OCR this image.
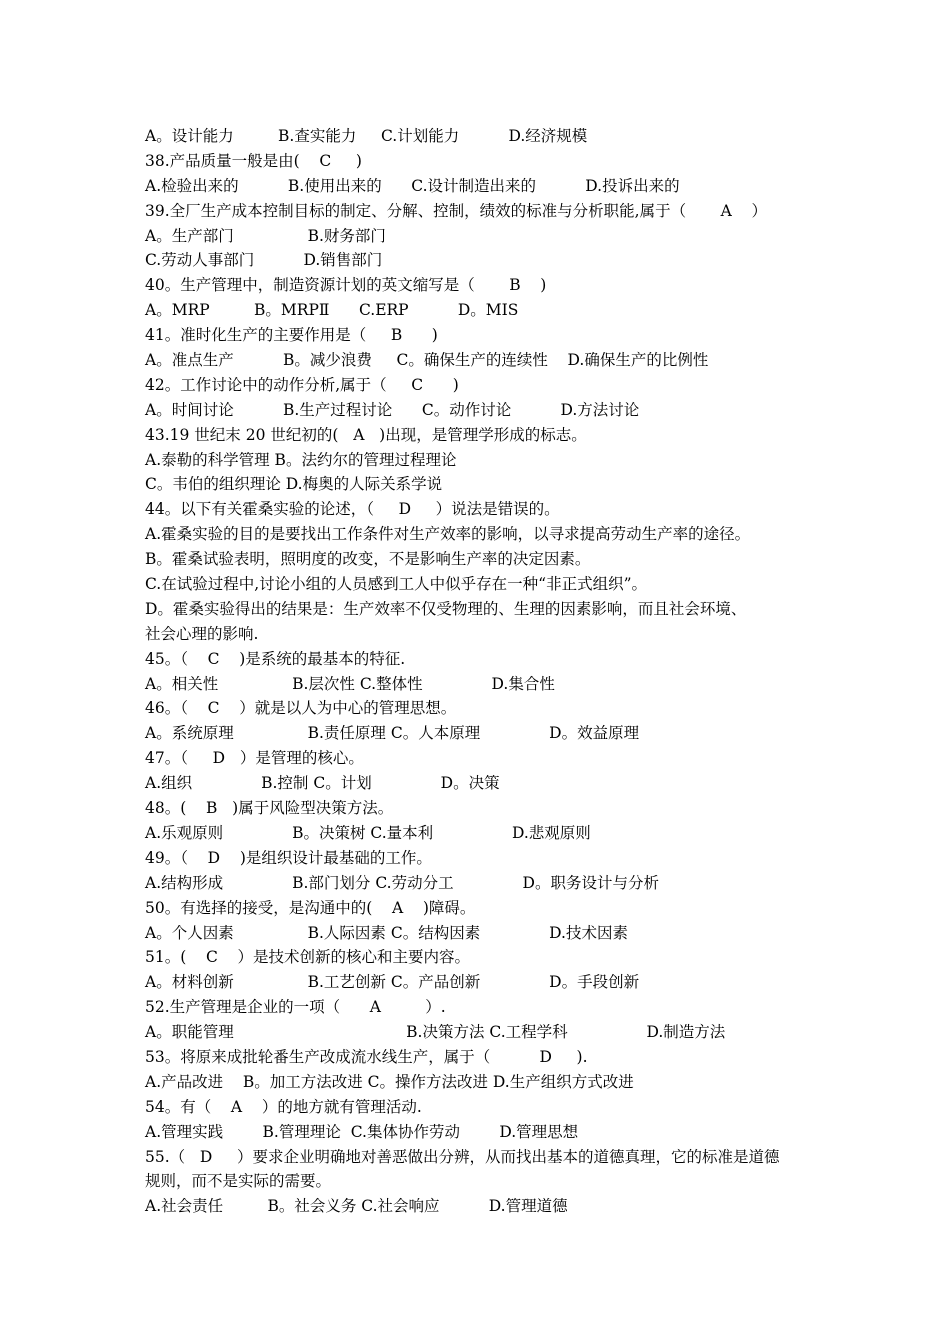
A。设计能力         B.查实能力     C.计划能力          D.经济规模
38.产品质量一般是由(    C     )
A.检验出来的          B.使用出来的      C.设计制造出来的          D.投诉出来的
39.全厂生产成本控制目标的制定、分解、控制，绩效的标准与分析职能,属于（       A    ）
A。生产部门               B.财务部门
C.劳动人事部门          D.销售部门
40。生产管理中，制造资源计划的英文缩写是（       B    )
A。MRP         B。MRPⅡ      C.ERP          D。MIS
41。准时化生产的主要作用是（     B      )
A。准点生产          B。减少浪费     C。确保生产的连续性    D.确保生产的比例性
42。工作讨论中的动作分析,属于（     C      )
A。时间讨论          B.生产过程讨论      C。动作讨论          D.方法讨论
43.19 世纪末 20 世纪初的(   A   )出现，是管理学形成的标志。
A.泰勒的科学管理 B。法约尔的管理过程理论
C。韦伯的组织理论 D.梅奥的人际关系学说
44。以下有关霍桑实验的论述，（     D     ）说法是错误的。
A.霍桑实验的目的是要找出工作条件对生产效率的影响，以寻求提高劳动生产率的途径。
B。霍桑试验表明，照明度的改变，不是影响生产率的决定因素。
C.在试验过程中,讨论小组的人员感到工人中似乎存在一种“非正式组织”。
D。霍桑实验得出的结果是：生产效率不仅受物理的、生理的因素影响，而且社会环境、
社会心理的影响.
45。（    C    )是系统的最基本的特征.
A。相关性               B.层次性 C.整体性              D.集合性
46。（    C    ）就是以人为中心的管理思想。
A。系统原理               B.责任原理 C。人本原理              D。效益原理
47。（     D   ）是管理的核心。
A.组织              B.控制 C。计划              D。决策
48。(    B   )属于风险型决策方法。
A.乐观原则              B。决策树 C.量本利                D.悲观原则
49。（    D    )是组织设计最基础的工作。
A.结构形成              B.部门划分 C.劳动分工              D。职务设计与分析
50。有选择的接受，是沟通中的(    A    )障碍。
A。个人因素               B.人际因素 C。结构因素              D.技术因素
51。(    C    ）是技术创新的核心和主要内容。
A。材料创新               B.工艺创新 C。产品创新              D。手段创新
52.生产管理是企业的一项（      A         ）.
A。职能管理                                   B.决策方法 C.工程学科                D.制造方法
53。将原来成批轮番生产改成流水线生产，属于（          D     ).
A.产品改进    B。加工方法改进 C。操作方法改进 D.生产组织方式改进
54。有（    A    ）的地方就有管理活动.
A.管理实践        B.管理理论  C.集体协作劳动        D.管理思想
55.（   D     ）要求企业明确地对善恶做出分辨，从而找出基本的道德真理，它的标准是道德
规则，而不是实际的需要。
A.社会责任         B。社会义务 C.社会响应          D.管理道德
